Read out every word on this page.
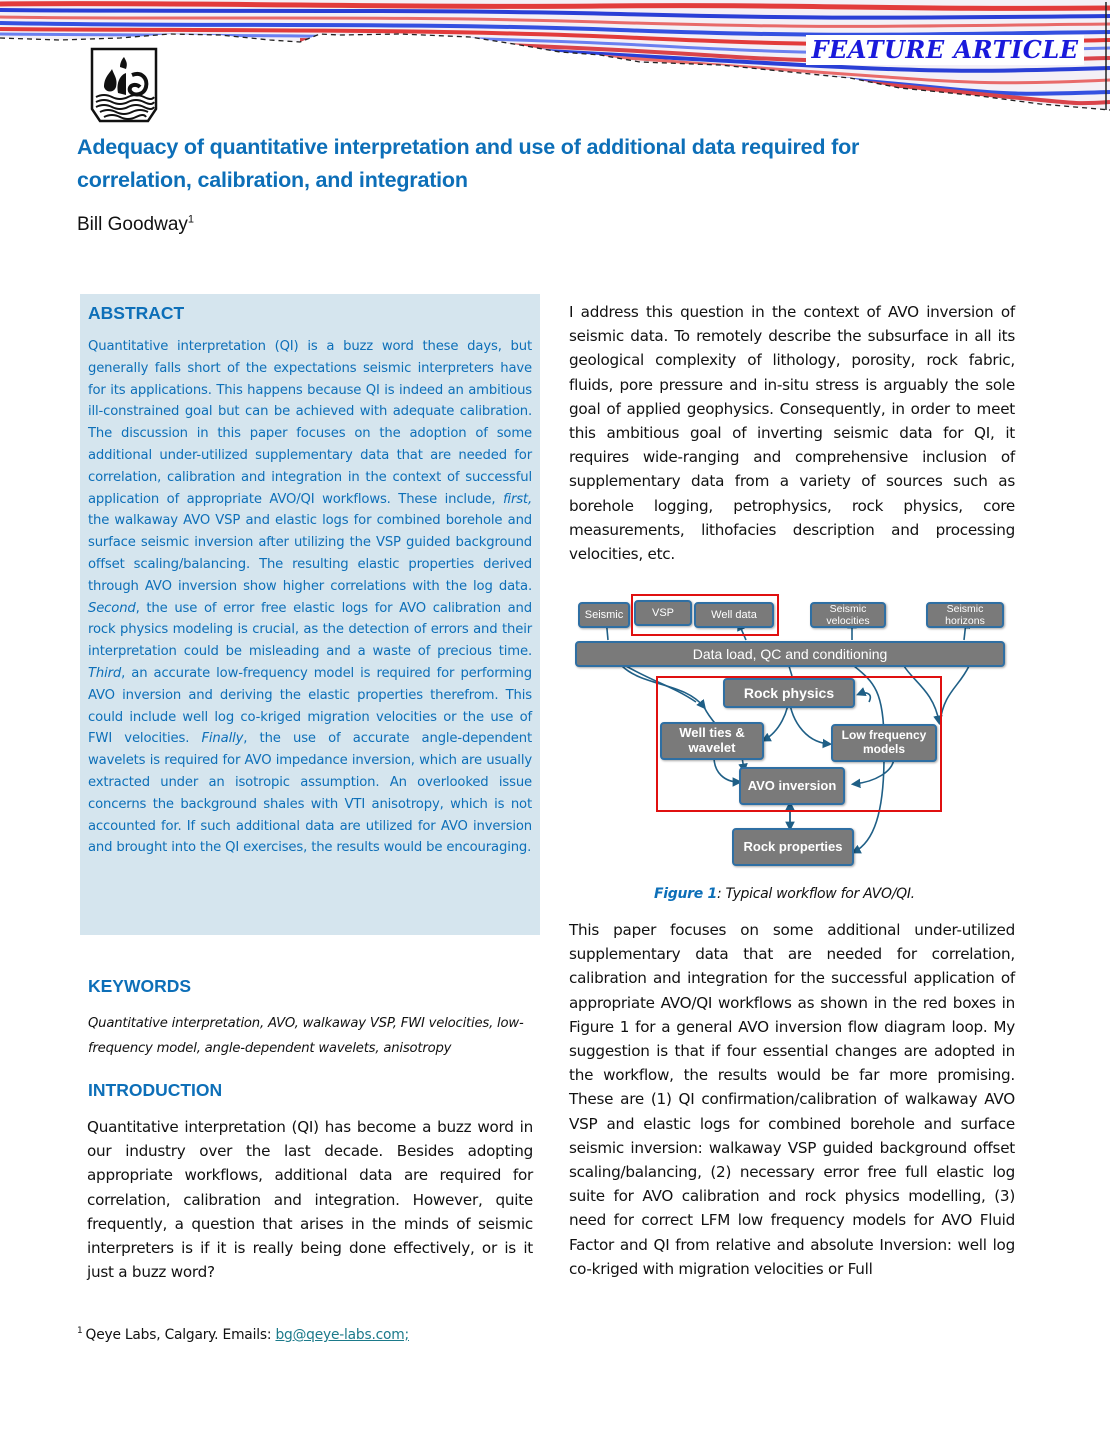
FEATURE ARTICLE
Adequacy of quantitative interpretation and use of additional data required for correlation, calibration, and integration
Bill Goodway$^1$
ABSTRACT

Quantitative interpretation (QI) is a buzz word these days, but generally falls short of the expectations seismic interpreters have for its applications. This happens because QI is indeed an ambitious ill-constrained goal but can be achieved with adequate calibration. The discussion in this paper focuses on the adoption of some additional under-utilized supplementary data that are needed for correlation, calibration and integration in the context of successful application of appropriate AVO/QI workflows. These include, first, the walkaway AVO VSP and elastic logs for combined borehole and surface seismic inversion after utilizing the VSP guided background offset scaling/balancing. The resulting elastic properties derived through AVO inversion show higher correlations with the log data. Second, the use of error free elastic logs for AVO calibration and rock physics modeling is crucial, as the detection of errors and their interpretation could be misleading and a waste of precious time. Third, an accurate low-frequency model is required for performing AVO inversion and deriving the elastic properties therefrom. This could include well log co-kriged migration velocities or the use of FWI velocities. Finally, the use of accurate angle-dependent wavelets is required for AVO impedance inversion, which are usually extracted under an isotropic assumption. An overlooked issue concerns the background shales with VTI anisotropy, which is not accounted for. If such additional data are utilized for AVO inversion and brought into the QI exercises, the results would be encouraging.

KEYWORDS

Quantitative interpretation, AVO, walkaway VSP, FWI velocities, low-frequency model, angle-dependent wavelets, anisotropy

INTRODUCTION

Quantitative interpretation (QI) has become a buzz word in our industry over the last decade. Besides adopting appropriate workflows, additional data are required for correlation, calibration and integration. However, quite frequently, a question that arises in the minds of seismic interpreters is if it is really being done effectively, or is it just a buzz word?

$^1$ Qeye Labs, Calgary. Emails: bg@qeye-labs.com;

I address this question in the context of AVO inversion of seismic data. To remotely describe the subsurface in all its geological complexity of lithology, porosity, rock fabric, fluids, pore pressure and in-situ stress is arguably the sole goal of applied geophysics. Consequently, in order to meet this ambitious goal of inverting seismic data for QI, it requires wide-ranging and comprehensive inclusion of supplementary data from a variety of sources such as borehole logging, petrophysics, rock physics, core measurements, lithofacies description and processing velocities, etc.

Seismic	VSP	Well data	Seismic velocities
Seismic horizons
Data load, QC and conditioning
Rock physics
Well ties & wavelet
Low frequency models
AVO inversion
Rock properties
Figure 1: Typical workflow for AVO/QI.

This paper focuses on some additional under-utilized supplementary data that are needed for correlation, calibration and integration for the successful application of appropriate AVO/QI workflows as shown in the red boxes in Figure 1 for a general AVO inversion flow diagram loop. My suggestion is that if four essential changes are adopted in the workflow, the results would be far more promising. These are (1) QI confirmation/calibration of walkaway AVO VSP and elastic logs for combined borehole and surface seismic inversion: walkaway VSP guided background offset scaling/balancing, (2) necessary error free full elastic log suite for AVO calibration and rock physics modelling, (3) need for correct LFM low frequency models for AVO Fluid Factor and QI from relative and absolute Inversion: well log co-kriged with migration velocities or Full
